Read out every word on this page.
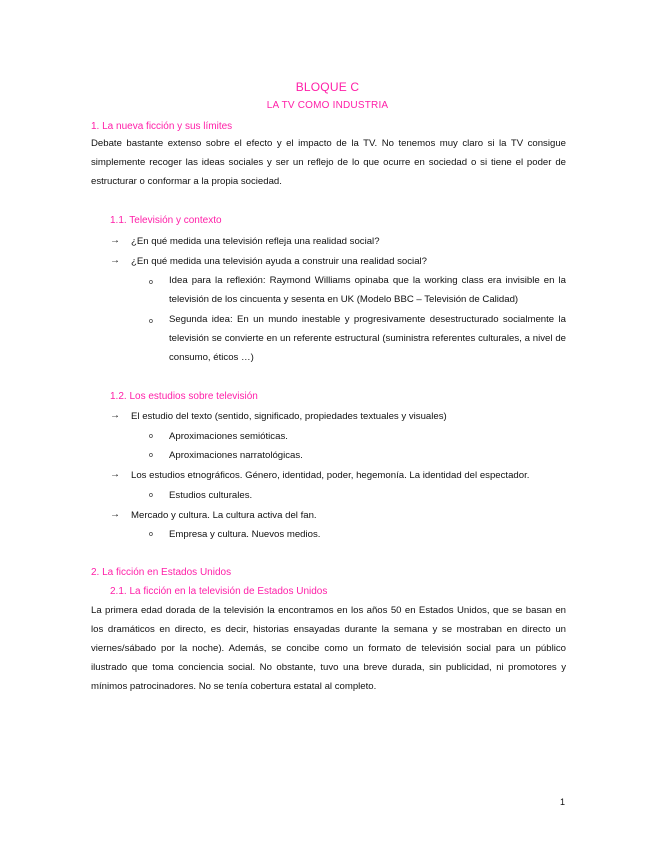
BLOQUE C
LA TV COMO INDUSTRIA
1. La nueva ficción y sus límites
Debate bastante extenso sobre el efecto y el impacto de la TV. No tenemos muy claro si la TV consigue simplemente recoger las ideas sociales y ser un reflejo de lo que ocurre en sociedad o si tiene el poder de estructurar o conformar a la propia sociedad.
1.1. Televisión y contexto
→ ¿En qué medida una televisión refleja una realidad social?
→ ¿En qué medida una televisión ayuda a construir una realidad social?
o Idea para la reflexión: Raymond Williams opinaba que la working class era invisible en la televisión de los cincuenta y sesenta en UK (Modelo BBC – Televisión de Calidad)
o Segunda idea: En un mundo inestable y progresivamente desestructurado socialmente la televisión se convierte en un referente estructural (suministra referentes culturales, a nivel de consumo, éticos …)
1.2. Los estudios sobre televisión
→ El estudio del texto (sentido, significado, propiedades textuales y visuales)
o Aproximaciones semióticas.
o Aproximaciones narratológicas.
→ Los estudios etnográficos. Género, identidad, poder, hegemonía. La identidad del espectador.
o Estudios culturales.
→ Mercado y cultura. La cultura activa del fan.
o Empresa y cultura. Nuevos medios.
2. La ficción en Estados Unidos
2.1. La ficción en la televisión de Estados Unidos
La primera edad dorada de la televisión la encontramos en los años 50 en Estados Unidos, que se basan en los dramáticos en directo, es decir, historias ensayadas durante la semana y se mostraban en directo un viernes/sábado por la noche). Además, se concibe como un formato de televisión social para un público ilustrado que toma conciencia social. No obstante, tuvo una breve durada, sin publicidad, ni promotores y mínimos patrocinadores. No se tenía cobertura estatal al completo.
1
